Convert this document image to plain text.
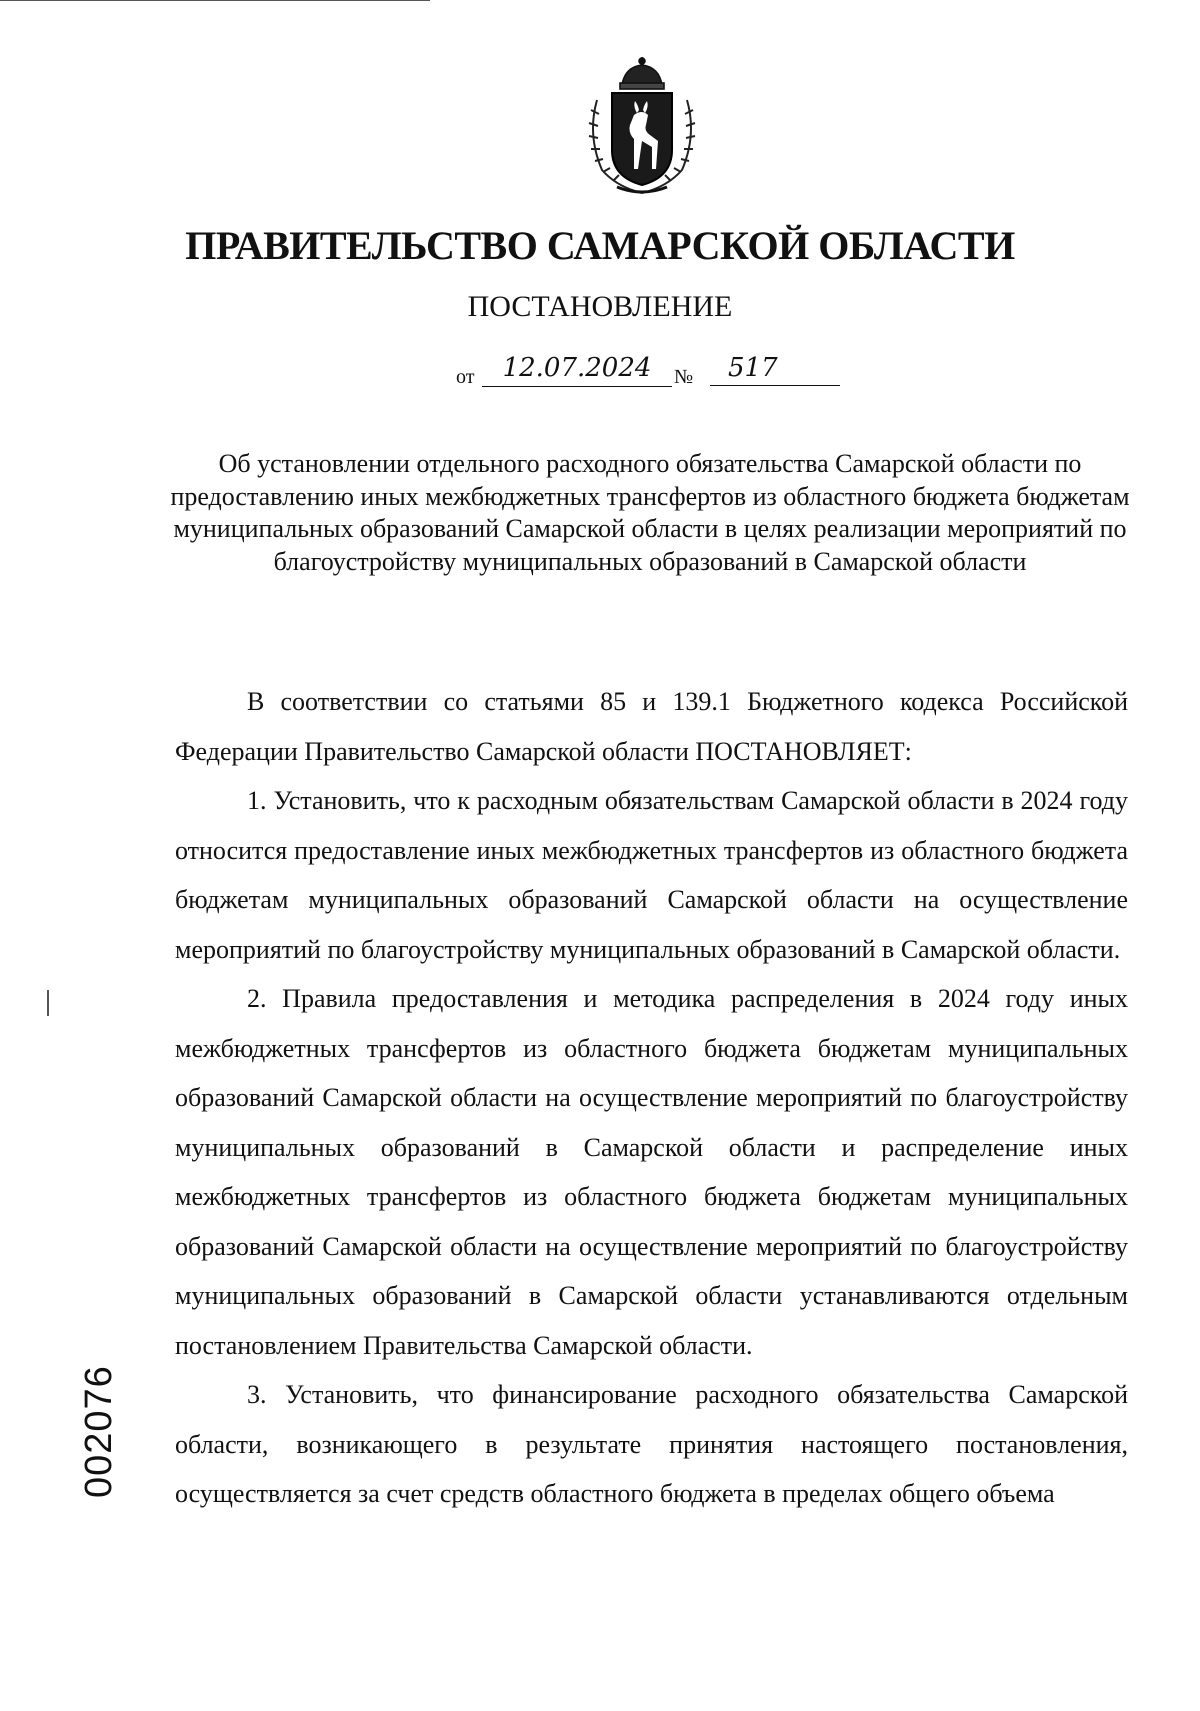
ПРАВИТЕЛЬСТВО САМАРСКОЙ ОБЛАСТИ
ПОСТАНОВЛЕНИЕ
от	12.07.2024	№	517
Об установлении отдельного расходного обязательства Самарской области по предоставлению иных межбюджетных трансфертов из областного бюджета бюджетам муниципальных образований Самарской области в целях реализации мероприятий по благоустройству муниципальных образований в Самарской области

В соответствии со статьями 85 и 139.1 Бюджетного кодекса Российской Федерации Правительство Самарской области ПОСТАНОВЛЯЕТ:

1. Установить, что к расходным обязательствам Самарской области в 2024 году относится предоставление иных межбюджетных трансфертов из областного бюджета бюджетам муниципальных образований Самарской области на осуществление мероприятий по благоустройству муниципальных образований в Самарской области.

2. Правила предоставления и методика распределения в 2024 году иных межбюджетных трансфертов из областного бюджета бюджетам муниципальных образований Самарской области на осуществление мероприятий по благоустройству муниципальных образований в Самарской области и распределение иных межбюджетных трансфертов из областного бюджета бюджетам муниципальных образований Самарской области на осуществление мероприятий по благоустройству муниципальных образований в Самарской области устанавливаются отдельным постановлением Правительства Самарской области.

3. Установить, что финансирование расходного обязательства Самарской области, возникающего в результате принятия настоящего постановления, осуществляется за счет средств областного бюджета в пределах общего объема

002076
